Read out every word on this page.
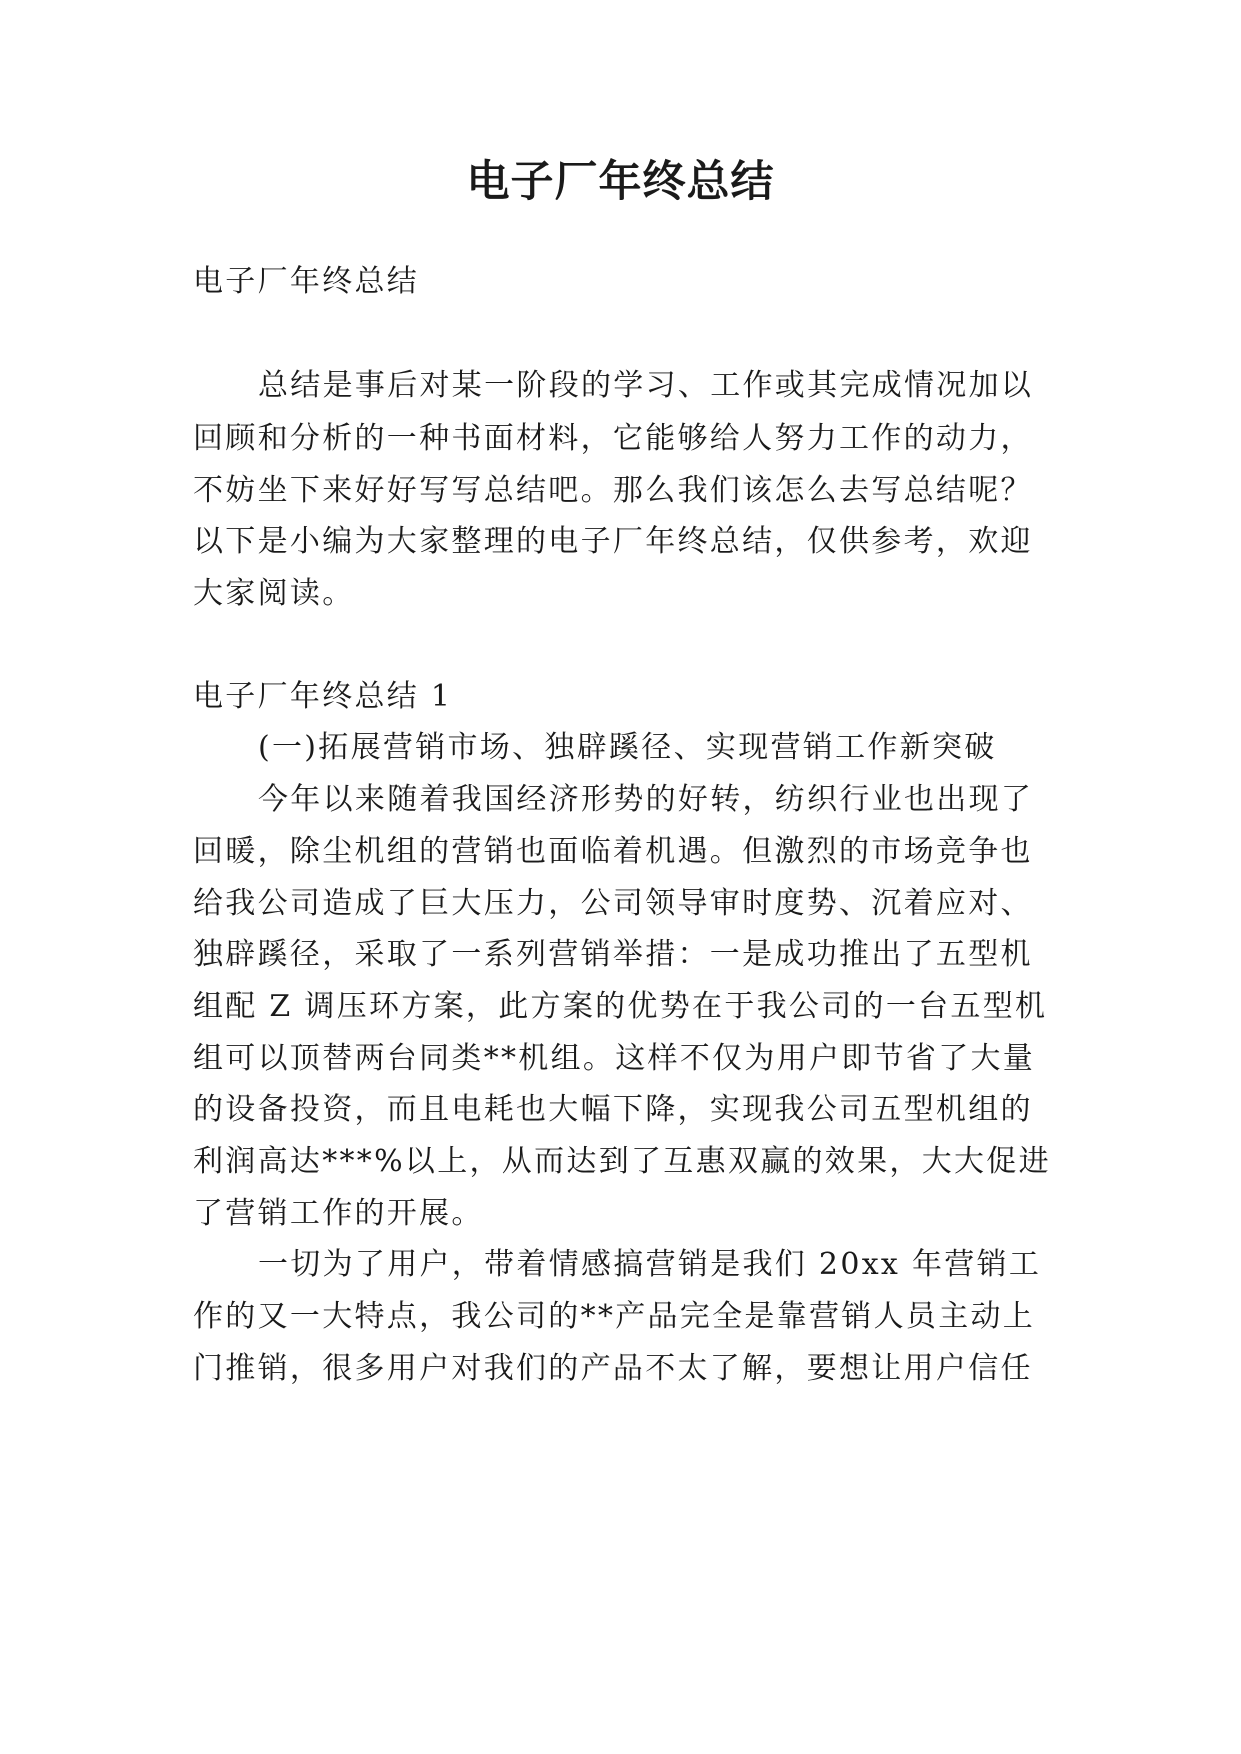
电子厂年终总结

电子厂年终总结

总结是事后对某一阶段的学习、工作或其完成情况加以

回顾和分析的一种书面材料，它能够给人努力工作的动力，

不妨坐下来好好写写总结吧。那么我们该怎么去写总结呢？

以下是小编为大家整理的电子厂年终总结，仅供参考，欢迎

大家阅读。

电子厂年终总结 1

(一)拓展营销市场、独辟蹊径、实现营销工作新突破

今年以来随着我国经济形势的好转，纺织行业也出现了

回暖，除尘机组的营销也面临着机遇。但激烈的市场竞争也

给我公司造成了巨大压力，公司领导审时度势、沉着应对、

独辟蹊径，采取了一系列营销举措：一是成功推出了五型机

组配 Z 调压环方案，此方案的优势在于我公司的一台五型机

组可以顶替两台同类**机组。这样不仅为用户即节省了大量

的设备投资，而且电耗也大幅下降，实现我公司五型机组的

利润高达***%以上，从而达到了互惠双赢的效果，大大促进

了营销工作的开展。

一切为了用户，带着情感搞营销是我们 20xx 年营销工

作的又一大特点，我公司的**产品完全是靠营销人员主动上

门推销，很多用户对我们的产品不太了解，要想让用户信任
